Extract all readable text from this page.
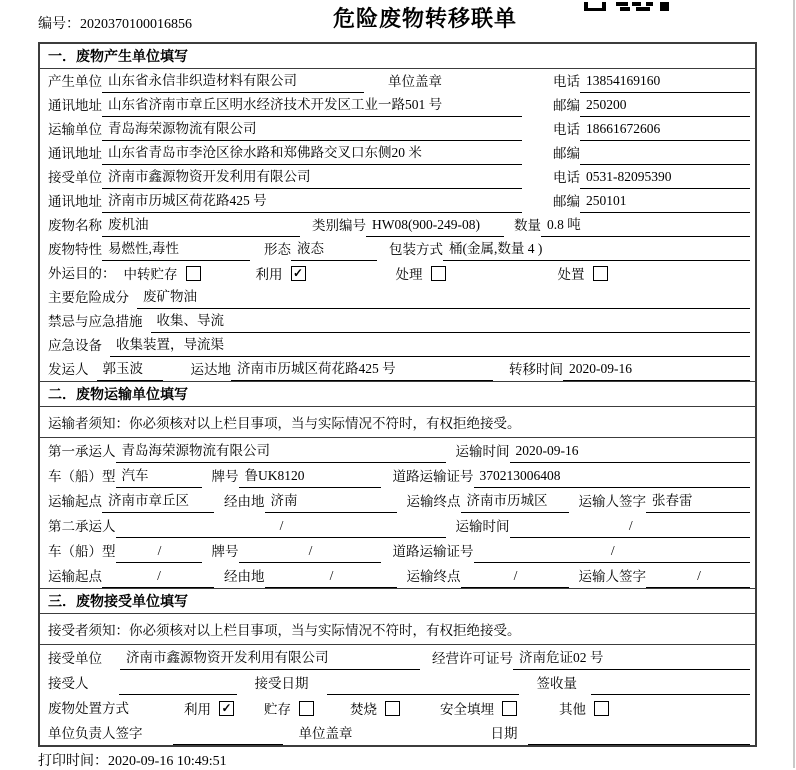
编号：2020370100016856	危险废物转移联单
一．废物产生单位填写
产生单位 山东省永信非织造材料有限公司	单位盖章	电话 13854169160
通讯地址 山东省济南市章丘区明水经济技术开发区工业一路501 号	邮编 250200
运输单位 青岛海荣源物流有限公司	电话 18661672606
通讯地址 山东省青岛市李沧区徐水路和郑佛路交叉口东侧20 米	邮编
接受单位 济南市鑫源物资开发利用有限公司	电话 0531-82095390
通讯地址 济南市历城区荷花路425 号	邮编 250101
废物名称 废机油	类别编号 HW08(900-249-08)	数量 0.8 吨
废物特性 易燃性,毒性	形态 液态	包装方式 桶(金属,数量 4 )
外运目的： 中转贮存	利用 ✓	处理	处置
主要危险成分	废矿物油
禁忌与应急措施	收集、导流
应急设备	收集装置，导流渠
发运人	郭玉波	运达地 济南市历城区荷花路425 号	转移时间 2020-09-16
二．废物运输单位填写
运输者须知：你必须核对以上栏目事项，当与实际情况不符时，有权拒绝接受。
第一承运人 青岛海荣源物流有限公司	运输时间 2020-09-16
车（船）型 汽车	牌号 鲁UK8120	道路运输证号 370213006408
运输起点 济南市章丘区	经由地 济南	运输终点 济南市历城区	运输人签字 张春雷
第二承运人	/	运输时间	/
车（船）型	/	牌号	/	道路运输证号	/
运输起点	/	经由地	/	运输终点	/	运输人签字	/
三．废物接受单位填写
接受者须知：你必须核对以上栏目事项，当与实际情况不符时，有权拒绝接受。
接受单位	济南市鑫源物资开发利用有限公司	经营许可证号 济南危证02 号
接受人	接受日期	签收量
废物处置方式	利用 ✓ 贮存	焚烧	安全填埋	其他
单位负责人签字	单位盖章	日期
打印时间：2020-09-16 10:49:51
